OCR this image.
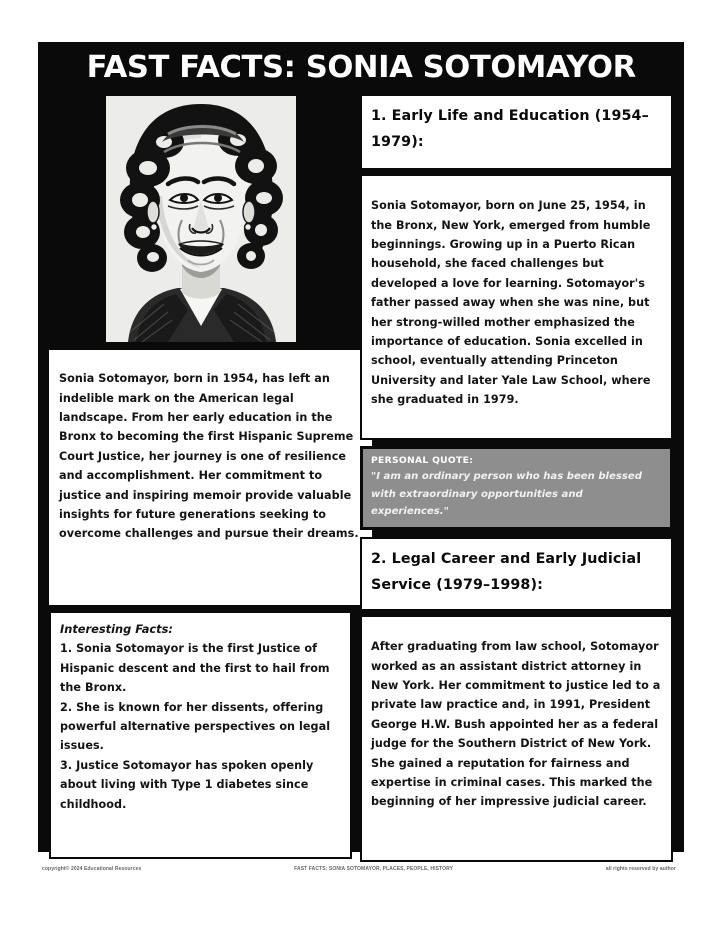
FAST FACTS: SONIA SOTOMAYOR

Sonia Sotomayor, born in 1954, has left an indelible mark on the American legal landscape. From her early education in the Bronx to becoming the first Hispanic Supreme Court Justice, her journey is one of resilience and accomplishment. Her commitment to justice and inspiring memoir provide valuable insights for future generations seeking to overcome challenges and pursue their dreams.

Interesting Facts:

1. Sonia Sotomayor is the first Justice of Hispanic descent and the first to hail from the Bronx.

2. She is known for her dissents, offering powerful alternative perspectives on legal issues.

3. Justice Sotomayor has spoken openly about living with Type 1 diabetes since childhood.

1. Early Life and Education (1954–1979):

Sonia Sotomayor, born on June 25, 1954, in the Bronx, New York, emerged from humble beginnings. Growing up in a Puerto Rican household, she faced challenges but developed a love for learning. Sotomayor's father passed away when she was nine, but her strong-willed mother emphasized the importance of education. Sonia excelled in school, eventually attending Princeton University and later Yale Law School, where she graduated in 1979.

PERSONAL QUOTE:
"I am an ordinary person who has been blessed with extraordinary opportunities and experiences."
2. Legal Career and Early Judicial Service (1979–1998):

After graduating from law school, Sotomayor worked as an assistant district attorney in New York. Her commitment to justice led to a private law practice and, in 1991, President George H.W. Bush appointed her as a federal judge for the Southern District of New York. She gained a reputation for fairness and expertise in criminal cases. This marked the beginning of her impressive judicial career.

copyright© 2024 Educational Resources	FAST FACTS: SONIA SOTOMAYOR, PLACES, PEOPLE, HISTORY	all rights reserved by author
